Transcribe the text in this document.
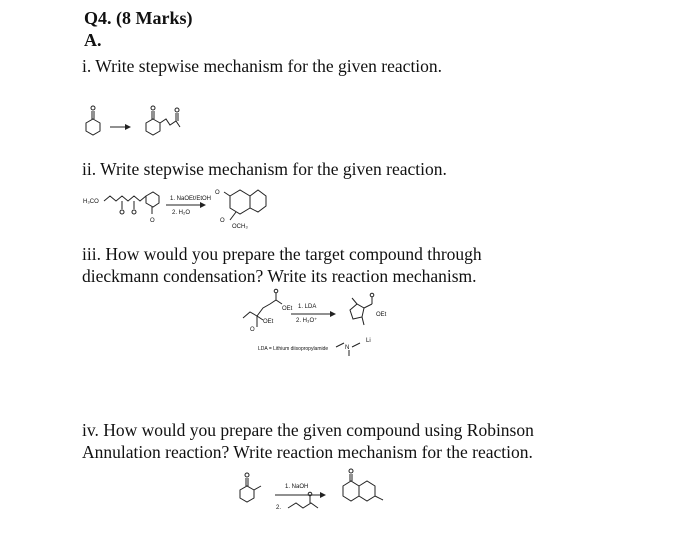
Q4. (8 Marks)
A.
i. Write stepwise mechanism for the given reaction.
ii. Write stepwise mechanism for the given reaction.
iii. How would you prepare the target compound through
dieckmann condensation? Write its reaction mechanism.
iv. How would you prepare the given compound using Robinson
Annulation reaction? Write reaction mechanism for the reaction.
H₃CO
O
1. NaOEt/EtOH
2. H₂O
O
O
OCH₃
O
OEt
OEt
1. LDA
2. H₃O⁺
OEt
Li
N
LDA = Lithium diisopropylamide
1. NaOH
2.
